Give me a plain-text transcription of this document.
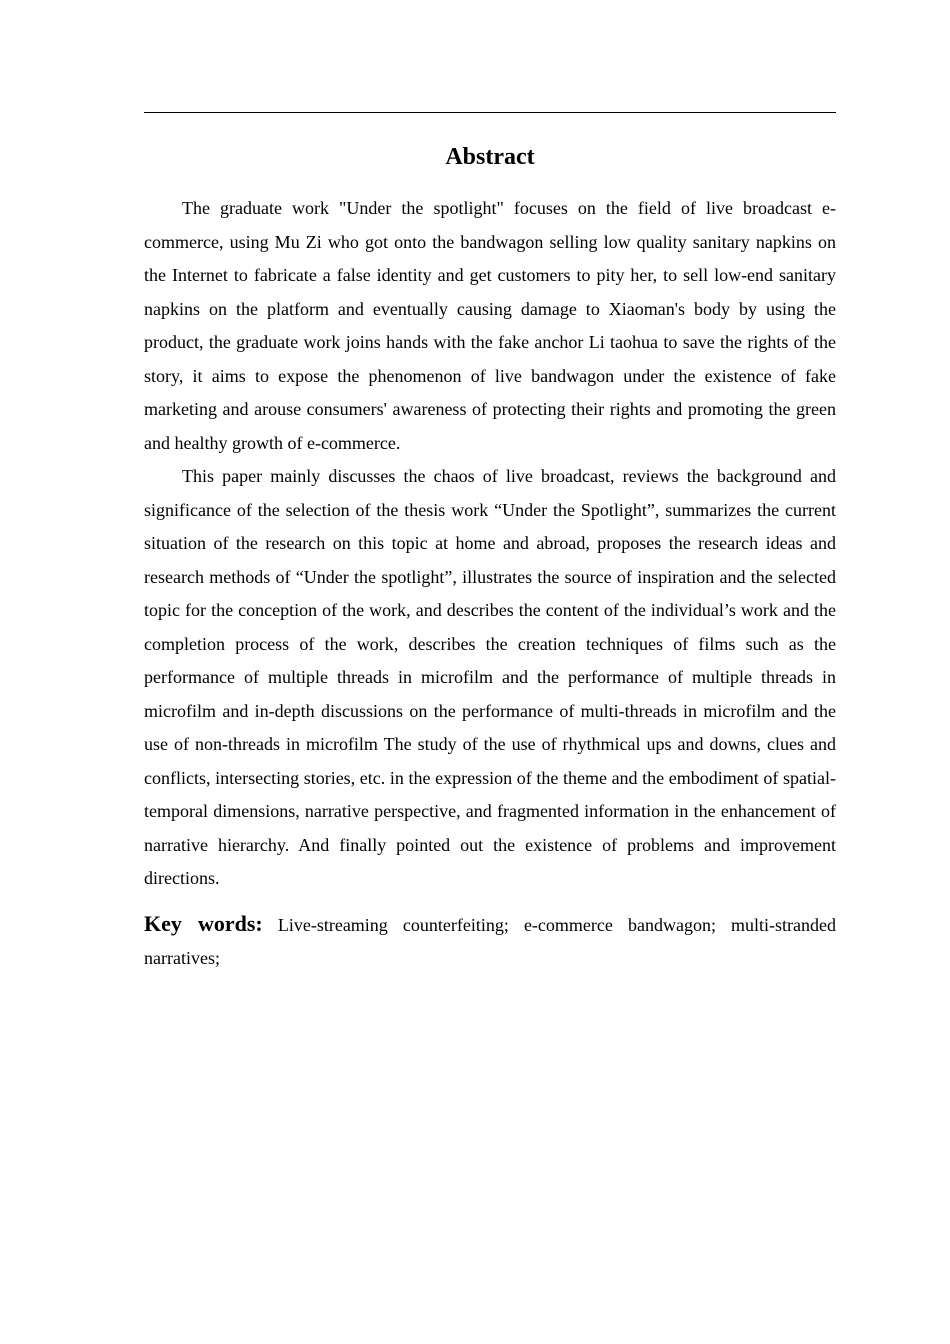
Abstract

The graduate work "Under the spotlight" focuses on the field of live broadcast e-commerce, using Mu Zi who got onto the bandwagon selling low quality sanitary napkins on the Internet to fabricate a false identity and get customers to pity her, to sell low-end sanitary napkins on the platform and eventually causing damage to Xiaoman's body by using the product, the graduate work joins hands with the fake anchor Li taohua to save the rights of the story, it aims to expose the phenomenon of live bandwagon under the existence of fake marketing and arouse consumers' awareness of protecting their rights and promoting the green and healthy growth of e-commerce.

This paper mainly discusses the chaos of live broadcast, reviews the background and significance of the selection of the thesis work “Under the Spotlight”, summarizes the current situation of the research on this topic at home and abroad, proposes the research ideas and research methods of “Under the spotlight”, illustrates the source of inspiration and the selected topic for the conception of the work, and describes the content of the individual’s work and the completion process of the work, describes the creation techniques of films such as the performance of multiple threads in microfilm and the performance of multiple threads in microfilm and in-depth discussions on the performance of multi-threads in microfilm and the use of non-threads in microfilm The study of the use of rhythmical ups and downs, clues and conflicts, intersecting stories, etc. in the expression of the theme and the embodiment of spatial-temporal dimensions, narrative perspective, and fragmented information in the enhancement of narrative hierarchy. And finally pointed out the existence of problems and improvement directions.

Key words: Live-streaming counterfeiting; e-commerce bandwagon; multi-stranded narratives;
